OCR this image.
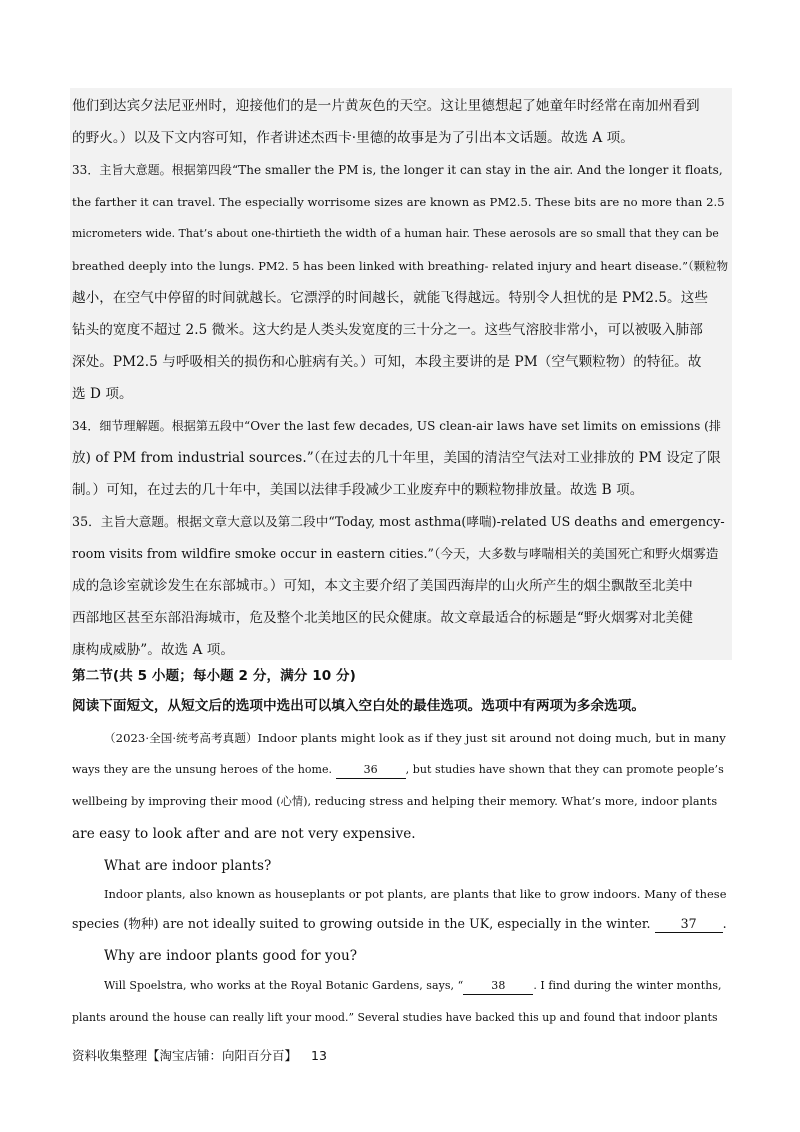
他们到达宾夕法尼亚州时，迎接他们的是一片黄灰色的天空。这让里德想起了她童年时经常在南加州看到
的野火。）以及下文内容可知，作者讲述杰西卡·里德的故事是为了引出本文话题。故选 A 项。
33．主旨大意题。根据第四段“The smaller the PM is, the longer it can stay in the air. And the longer it floats,
the farther it can travel. The especially worrisome sizes are known as PM2.5. These bits are no more than 2.5
micrometers wide. That’s about one-thirtieth the width of a human hair. These aerosols are so small that they can be
breathed deeply into the lungs. PM2. 5 has been linked with breathing- related injury and heart disease.”（颗粒物
越小，在空气中停留的时间就越长。它漂浮的时间越长，就能飞得越远。特别令人担忧的是 PM2.5。这些
钻头的宽度不超过 2.5 微米。这大约是人类头发宽度的三十分之一。这些气溶胶非常小，可以被吸入肺部
深处。PM2.5 与呼吸相关的损伤和心脏病有关。）可知，本段主要讲的是 PM（空气颗粒物）的特征。故
选 D 项。
34．细节理解题。根据第五段中“Over the last few decades, US clean-air laws have set limits on emissions (排
放) of PM from industrial sources.”（在过去的几十年里，美国的清洁空气法对工业排放的 PM 设定了限
制。）可知，在过去的几十年中，美国以法律手段减少工业废弃中的颗粒物排放量。故选 B 项。
35．主旨大意题。根据文章大意以及第二段中“Today, most asthma(哮喘)-related US deaths and emergency-
room visits from wildfire smoke occur in eastern cities.”（今天，大多数与哮喘相关的美国死亡和野火烟雾造
成的急诊室就诊发生在东部城市。）可知，本文主要介绍了美国西海岸的山火所产生的烟尘飘散至北美中
西部地区甚至东部沿海城市，危及整个北美地区的民众健康。故文章最适合的标题是“野火烟雾对北美健
康构成威胁”。故选 A 项。
第二节(共 5 小题；每小题 2 分，满分 10 分)
阅读下面短文，从短文后的选项中选出可以填入空白处的最佳选项。选项中有两项为多余选项。
（2023·全国·统考高考真题）Indoor plants might look as if they just sit around not doing much, but in many
ways they are the unsung heroes of the home.	36	, but studies have shown that they can promote people’s
wellbeing by improving their mood (心情), reducing stress and helping their memory. What’s more, indoor plants
are easy to look after and are not very expensive.
What are indoor plants?
Indoor plants, also known as houseplants or pot plants, are plants that like to grow indoors. Many of these
species (物种) are not ideally suited to growing outside in the UK, especially in the winter. 37 .
Why are indoor plants good for you?
Will Spoelstra, who works at the Royal Botanic Gardens, says, “	38	. I find during the winter months,
plants around the house can really lift your mood.” Several studies have backed this up and found that indoor plants
资料收集整理【淘宝店铺：向阳百分百】 13
